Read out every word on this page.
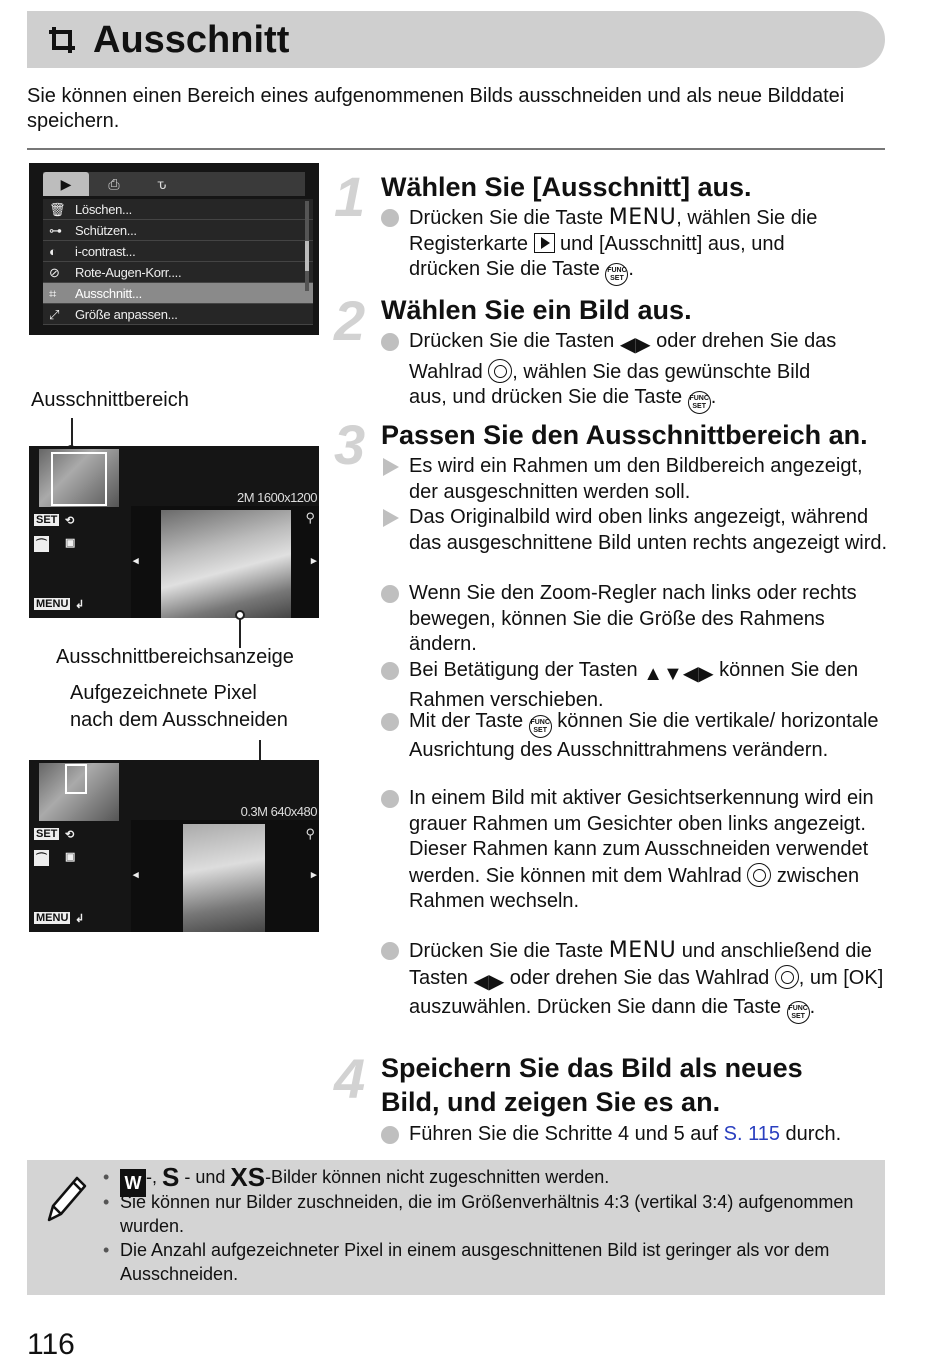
Ausschnitt
Sie können einen Bereich eines aufgenommenen Bilds ausschneiden und als neue Bilddatei speichern.
▶	⎙	ԏ
🗑 Löschen...
⊶ Schützen...
◐ i-contrast...
⊘ Rote-Augen-Korr....
⌗ Ausschnitt...
⤢ Größe anpassen...
Ausschnittbereich
2M 1600x1200
SET ⟲
⌒ ▣
MENU ↲
⚲
◂	▸
Ausschnittbereichsanzeige
Aufgezeichnete Pixel
nach dem Ausschneiden
0.3M 640x480
SET ⟲
⌒ ▣
MENU ↲
⚲
◂	▸
1 Wählen Sie [Ausschnitt] aus.
Drücken Sie die Taste MENU, wählen Sie die
Registerkarte  und [Ausschnitt] aus, und
drücken Sie die Taste FUNC
SET .
2 Wählen Sie ein Bild aus.
Drücken Sie die Tasten ◀▶ oder drehen Sie das
Wahlrad , wählen Sie das gewünschte Bild
aus, und drücken Sie die Taste FUNC
SET .
3 Passen Sie den Ausschnittbereich an.
Es wird ein Rahmen um den Bildbereich angezeigt, der ausgeschnitten werden soll.
Das Originalbild wird oben links angezeigt, während das ausgeschnittene Bild unten rechts angezeigt wird.
Wenn Sie den Zoom-Regler nach links oder rechts bewegen, können Sie die Größe des Rahmens ändern.
Bei Betätigung der Tasten ▲▼◀▶ können Sie den Rahmen verschieben.
Mit der Taste FUNC
SET können Sie die vertikale/ horizontale Ausrichtung des Ausschnittrahmens verändern.
In einem Bild mit aktiver Gesichtserkennung wird ein grauer Rahmen um Gesichter oben links angezeigt. Dieser Rahmen kann zum Ausschneiden verwendet werden. Sie können mit dem Wahlrad  zwischen Rahmen wechseln.
Drücken Sie die Taste MENU und anschließend die Tasten ◀▶ oder drehen Sie das Wahlrad , um [OK] auszuwählen. Drücken Sie dann die Taste FUNC
SET .
4 Speichern Sie das Bild als neues
Bild, und zeigen Sie es an.
Führen Sie die Schritte 4 und 5 auf S. 115 durch.
• W -, S - und XS-Bilder können nicht zugeschnitten werden.
• Sie können nur Bilder zuschneiden, die im Größenverhältnis 4:3 (vertikal 3:4) aufgenommen wurden.
• Die Anzahl aufgezeichneter Pixel in einem ausgeschnittenen Bild ist geringer als vor dem Ausschneiden.
116
